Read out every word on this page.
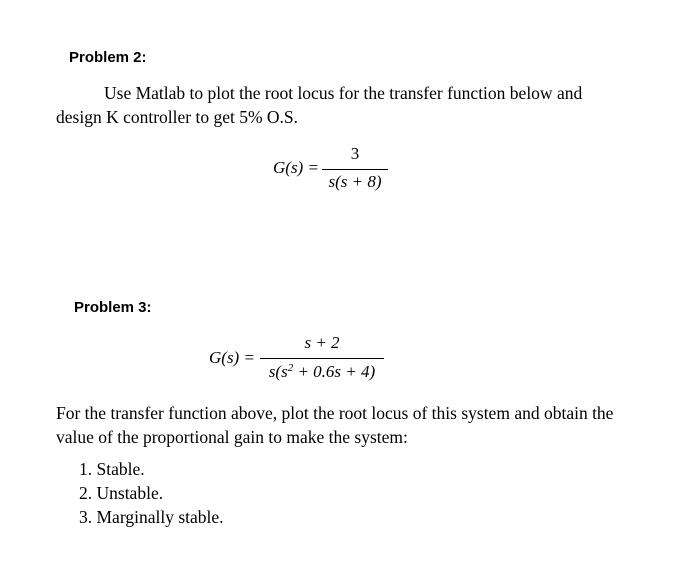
Problem 2:
Use Matlab to plot the root locus for the transfer function below and
design K controller to get 5% O.S.
G(s) =
3
s(s + 8)
Problem 3:
G(s) =
s + 2
$s(s^2 + 0.6s + 4)$
For the transfer function above, plot the root locus of this system and obtain the
value of the proportional gain to make the system:
1. Stable.
2. Unstable.
3. Marginally stable.
